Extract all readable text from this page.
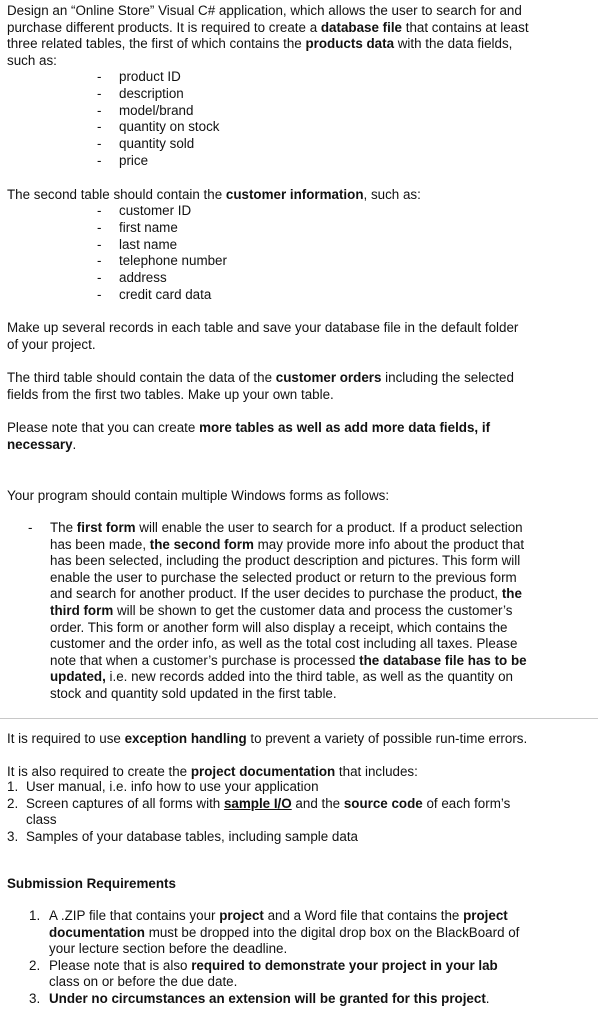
Design an “Online Store” Visual C# application, which allows the user to search for and
purchase different products. It is required to create a database file that contains at least
three related tables, the first of which contains the products data with the data fields,
such as:
- product ID
- description
- model/brand
- quantity on stock
- quantity sold
- price
The second table should contain the customer information, such as:
- customer ID
- first name
- last name
- telephone number
- address
- credit card data
Make up several records in each table and save your database file in the default folder
of your project.
The third table should contain the data of the customer orders including the selected
fields from the first two tables. Make up your own table.
Please note that you can create more tables as well as add more data fields, if
necessary.
Your program should contain multiple Windows forms as follows:
- The first form will enable the user to search for a product. If a product selection
has been made, the second form may provide more info about the product that
has been selected, including the product description and pictures. This form will
enable the user to purchase the selected product or return to the previous form
and search for another product. If the user decides to purchase the product, the
third form will be shown to get the customer data and process the customer’s
order. This form or another form will also display a receipt, which contains the
customer and the order info, as well as the total cost including all taxes. Please
note that when a customer’s purchase is processed the database file has to be
updated, i.e. new records added into the third table, as well as the quantity on
stock and quantity sold updated in the first table.
It is required to use exception handling to prevent a variety of possible run-time errors.
It is also required to create the project documentation that includes:
1. User manual, i.e. info how to use your application
2. Screen captures of all forms with sample I/O and the source code of each form’s
class
3. Samples of your database tables, including sample data
Submission Requirements
1. A .ZIP file that contains your project and a Word file that contains the project
documentation must be dropped into the digital drop box on the BlackBoard of
your lecture section before the deadline.
2. Please note that is also required to demonstrate your project in your lab
class on or before the due date.
3. Under no circumstances an extension will be granted for this project.
